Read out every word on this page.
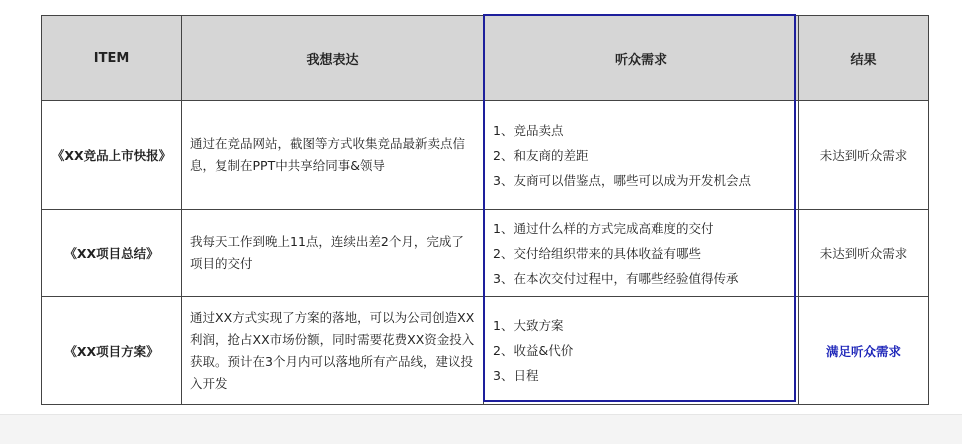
ITEM	我想表达	听众需求	结果
《XX竞品上市快报》	通过在竞品网站，截图等方式收集竞品最新卖点信息，复制在PPT中共享给同事&领导	1、竞品卖点
2、和友商的差距
3、友商可以借鉴点，哪些可以成为开发机会点	未达到听众需求
《XX项目总结》	我每天工作到晚上11点，连续出差2个月，完成了项目的交付	1、通过什么样的方式完成高难度的交付
2、交付给组织带来的具体收益有哪些
3、在本次交付过程中，有哪些经验值得传承	未达到听众需求
《XX项目方案》	通过XX方式实现了方案的落地，可以为公司创造XX利润，抢占XX市场份额，同时需要花费XX资金投入获取。预计在3个月内可以落地所有产品线，建议投入开发	1、大致方案
2、收益&代价
3、日程	满足听众需求
